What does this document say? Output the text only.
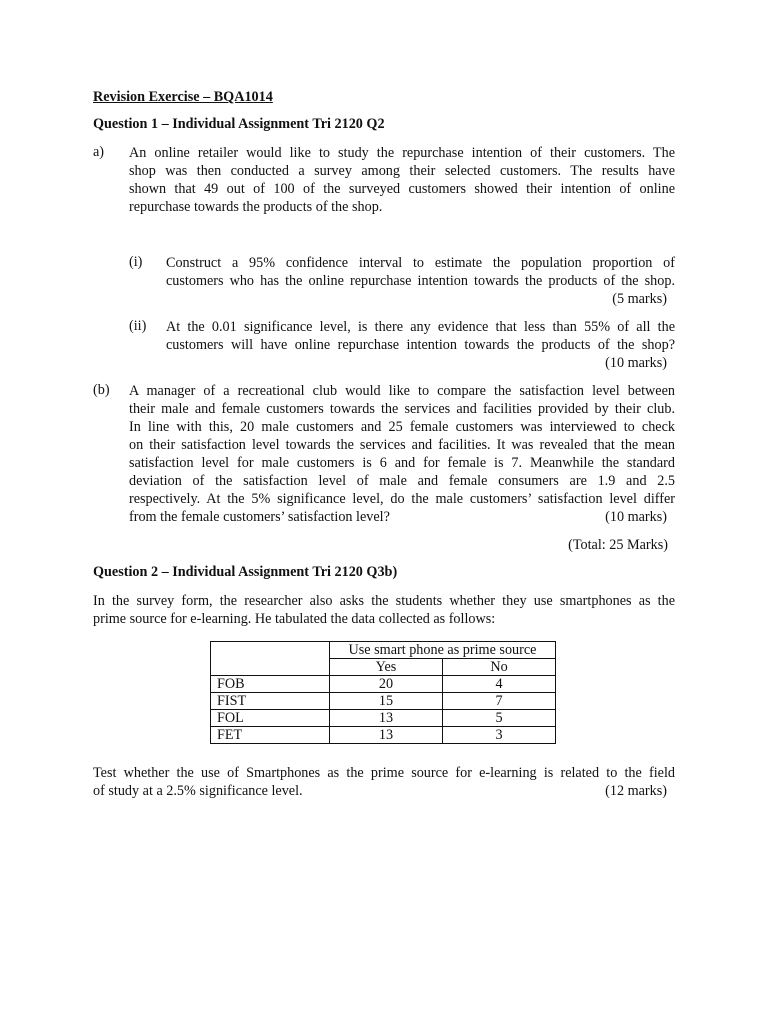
Revision Exercise – BQA1014
Question 1 – Individual Assignment Tri 2120 Q2
a) An online retailer would like to study the repurchase intention of their customers. The
shop was then conducted a survey among their selected customers. The results have
shown that 49 out of 100 of the surveyed customers showed their intention of online
repurchase towards the products of the shop.
(i) Construct a 95% confidence interval to estimate the population proportion of
customers who has the online repurchase intention towards the products of the shop.
(5 marks)
(ii) At the 0.01 significance level, is there any evidence that less than 55% of all the
customers will have online repurchase intention towards the products of the shop?
(10 marks)
(b) A manager of a recreational club would like to compare the satisfaction level between
their male and female customers towards the services and facilities provided by their club.
In line with this, 20 male customers and 25 female customers was interviewed to check
on their satisfaction level towards the services and facilities. It was revealed that the mean
satisfaction level for male customers is 6 and for female is 7. Meanwhile the standard
deviation of the satisfaction level of male and female consumers are 1.9 and 2.5
respectively. At the 5% significance level, do the male customers’ satisfaction level differ
from the female customers’ satisfaction level?	(10 marks)
(Total: 25 Marks)
Question 2 – Individual Assignment Tri 2120 Q3b)
In the survey form, the researcher also asks the students whether they use smartphones as the
prime source for e-learning. He tabulated the data collected as follows:
	Use smart phone as prime source	
	Yes	No
FOB	20	4
FIST	15	7
FOL	13	5
FET	13	3
Test whether the use of Smartphones as the prime source for e-learning is related to the field
of study at a 2.5% significance level.	(12 marks)
